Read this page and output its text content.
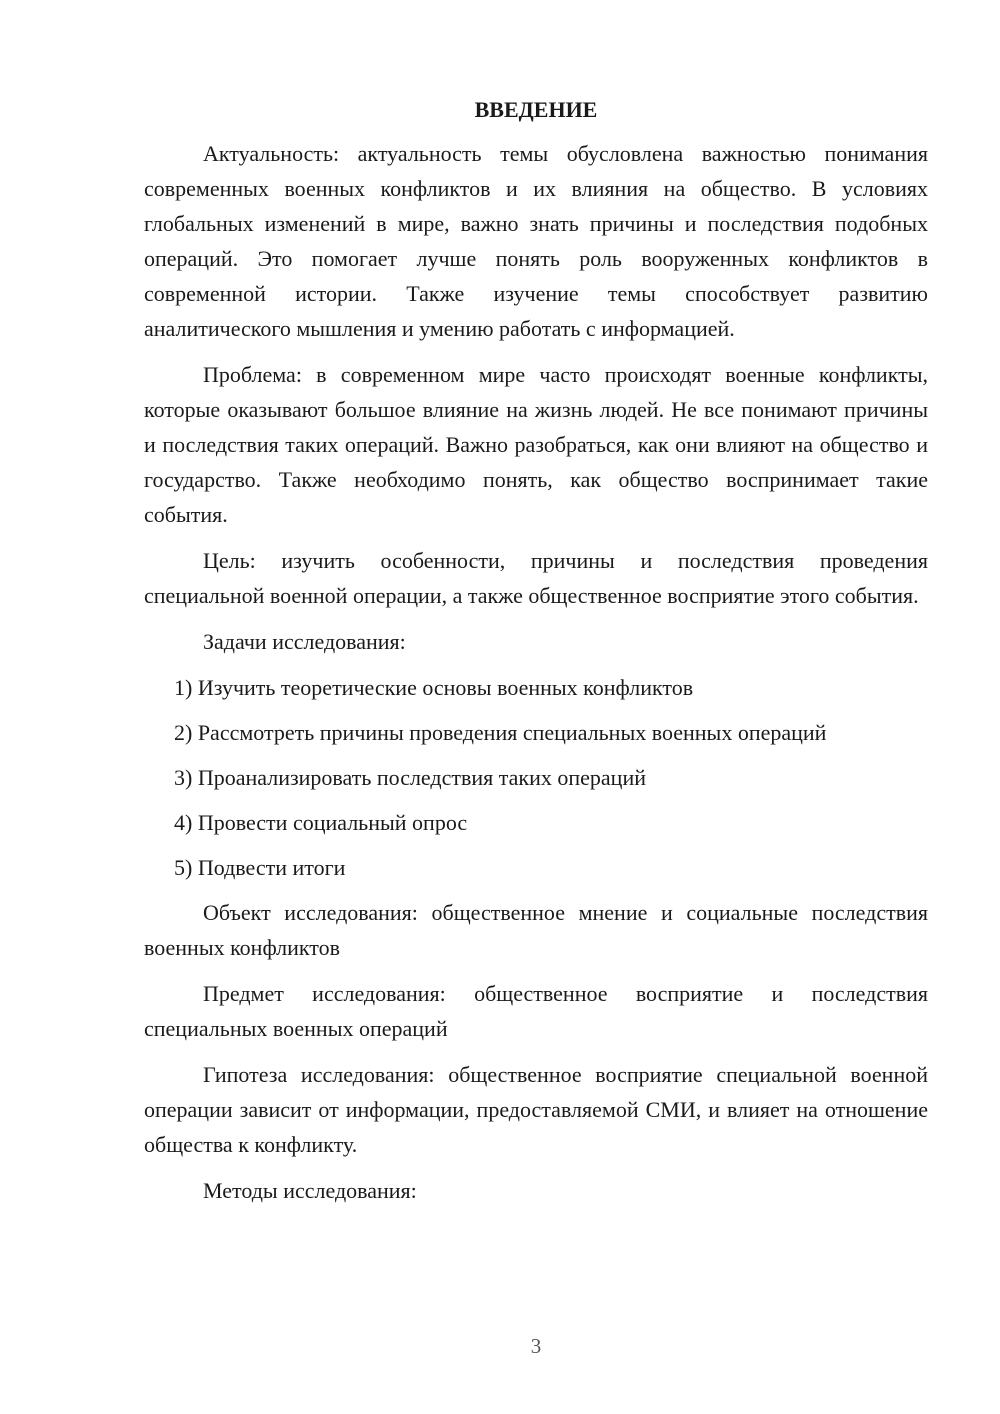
ВВЕДЕНИЕ

Актуальность: актуальность темы обусловлена важностью понимания современных военных конфликтов и их влияния на общество. В условиях глобальных изменений в мире, важно знать причины и последствия подобных операций. Это помогает лучше понять роль вооруженных конфликтов в современной истории. Также изучение темы способствует развитию аналитического мышления и умению работать с информацией.

Проблема: в современном мире часто происходят военные конфликты, которые оказывают большое влияние на жизнь людей. Не все понимают причины и последствия таких операций. Важно разобраться, как они влияют на общество и государство. Также необходимо понять, как общество воспринимает такие события.

Цель: изучить особенности, причины и последствия проведения специальной военной операции, а также общественное восприятие этого события.

Задачи исследования:

1) Изучить теоретические основы военных конфликтов
2) Рассмотреть причины проведения специальных военных операций
3) Проанализировать последствия таких операций
4) Провести социальный опрос
5) Подвести итоги

Объект исследования: общественное мнение и социальные последствия военных конфликтов

Предмет исследования: общественное восприятие и последствия специальных военных операций

Гипотеза исследования: общественное восприятие специальной военной операции зависит от информации, предоставляемой СМИ, и влияет на отношение общества к конфликту.

Методы исследования:

3
